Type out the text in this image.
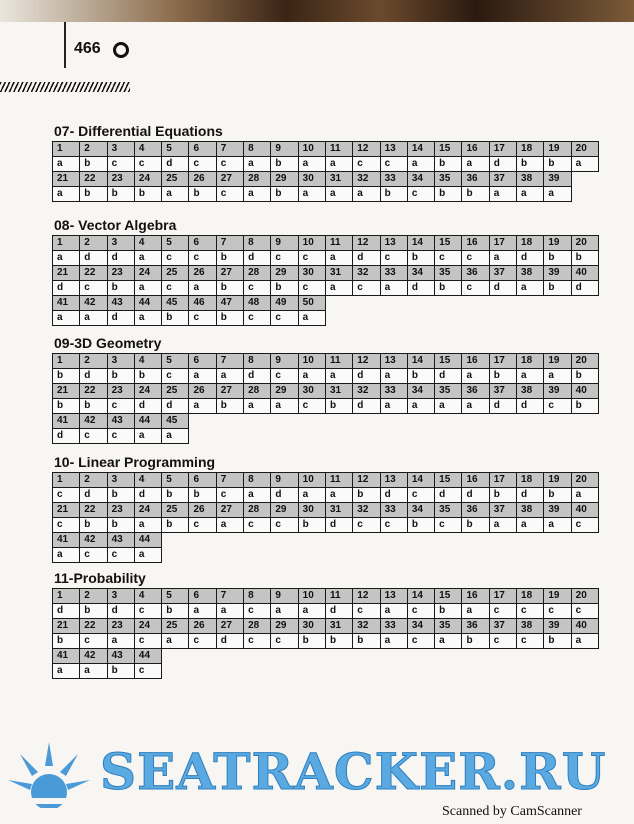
466
07- Differential Equations
1	2	3	4	5	6	7	8	9	10	11	12	13	14	15	16	17	18	19	20
a	b	c	c	d	c	c	a	b	a	a	c	c	a	b	a	d	b	b	a
21	22	23	24	25	26	27	28	29	30	31	32	33	34	35	36	37	38	39
a	b	b	b	a	b	c	a	b	a	a	a	b	c	b	b	a	a	a
08- Vector Algebra
1	2	3	4	5	6	7	8	9	10	11	12	13	14	15	16	17	18	19	20
a	d	d	a	c	c	b	d	c	c	a	d	c	b	c	c	a	d	b	b
21	22	23	24	25	26	27	28	29	30	31	32	33	34	35	36	37	38	39	40
d	c	b	a	c	a	b	c	b	c	a	c	a	d	b	c	d	a	b	d
41	42	43	44	45	46	47	48	49	50
a	a	d	a	b	c	b	c	c	a
09-3D Geometry
1	2	3	4	5	6	7	8	9	10	11	12	13	14	15	16	17	18	19	20
b	d	b	b	c	a	a	d	c	a	a	d	a	b	d	a	b	a	a	b
21	22	23	24	25	26	27	28	29	30	31	32	33	34	35	36	37	38	39	40
b	b	c	d	d	a	b	a	a	c	b	d	a	a	a	a	d	d	c	b
41	42	43	44	45
d	c	c	a	a
10- Linear Programming
1	2	3	4	5	6	7	8	9	10	11	12	13	14	15	16	17	18	19	20
c	d	b	d	b	b	c	a	d	a	a	b	d	c	d	d	b	d	b	a
21	22	23	24	25	26	27	28	29	30	31	32	33	34	35	36	37	38	39	40
c	b	b	a	b	c	a	c	c	b	d	c	c	b	c	b	a	a	a	c
41	42	43	44
a	c	c	a
11-Probability
1	2	3	4	5	6	7	8	9	10	11	12	13	14	15	16	17	18	19	20
d	b	d	c	b	a	a	c	a	a	d	c	a	c	b	a	c	c	c	c
21	22	23	24	25	26	27	28	29	30	31	32	33	34	35	36	37	38	39	40
b	c	a	c	a	c	d	c	c	b	b	b	a	c	a	b	c	c	b	a
41	42	43	44
a	a	b	c
SEATRACKER.RU
Scanned by CamScanner
